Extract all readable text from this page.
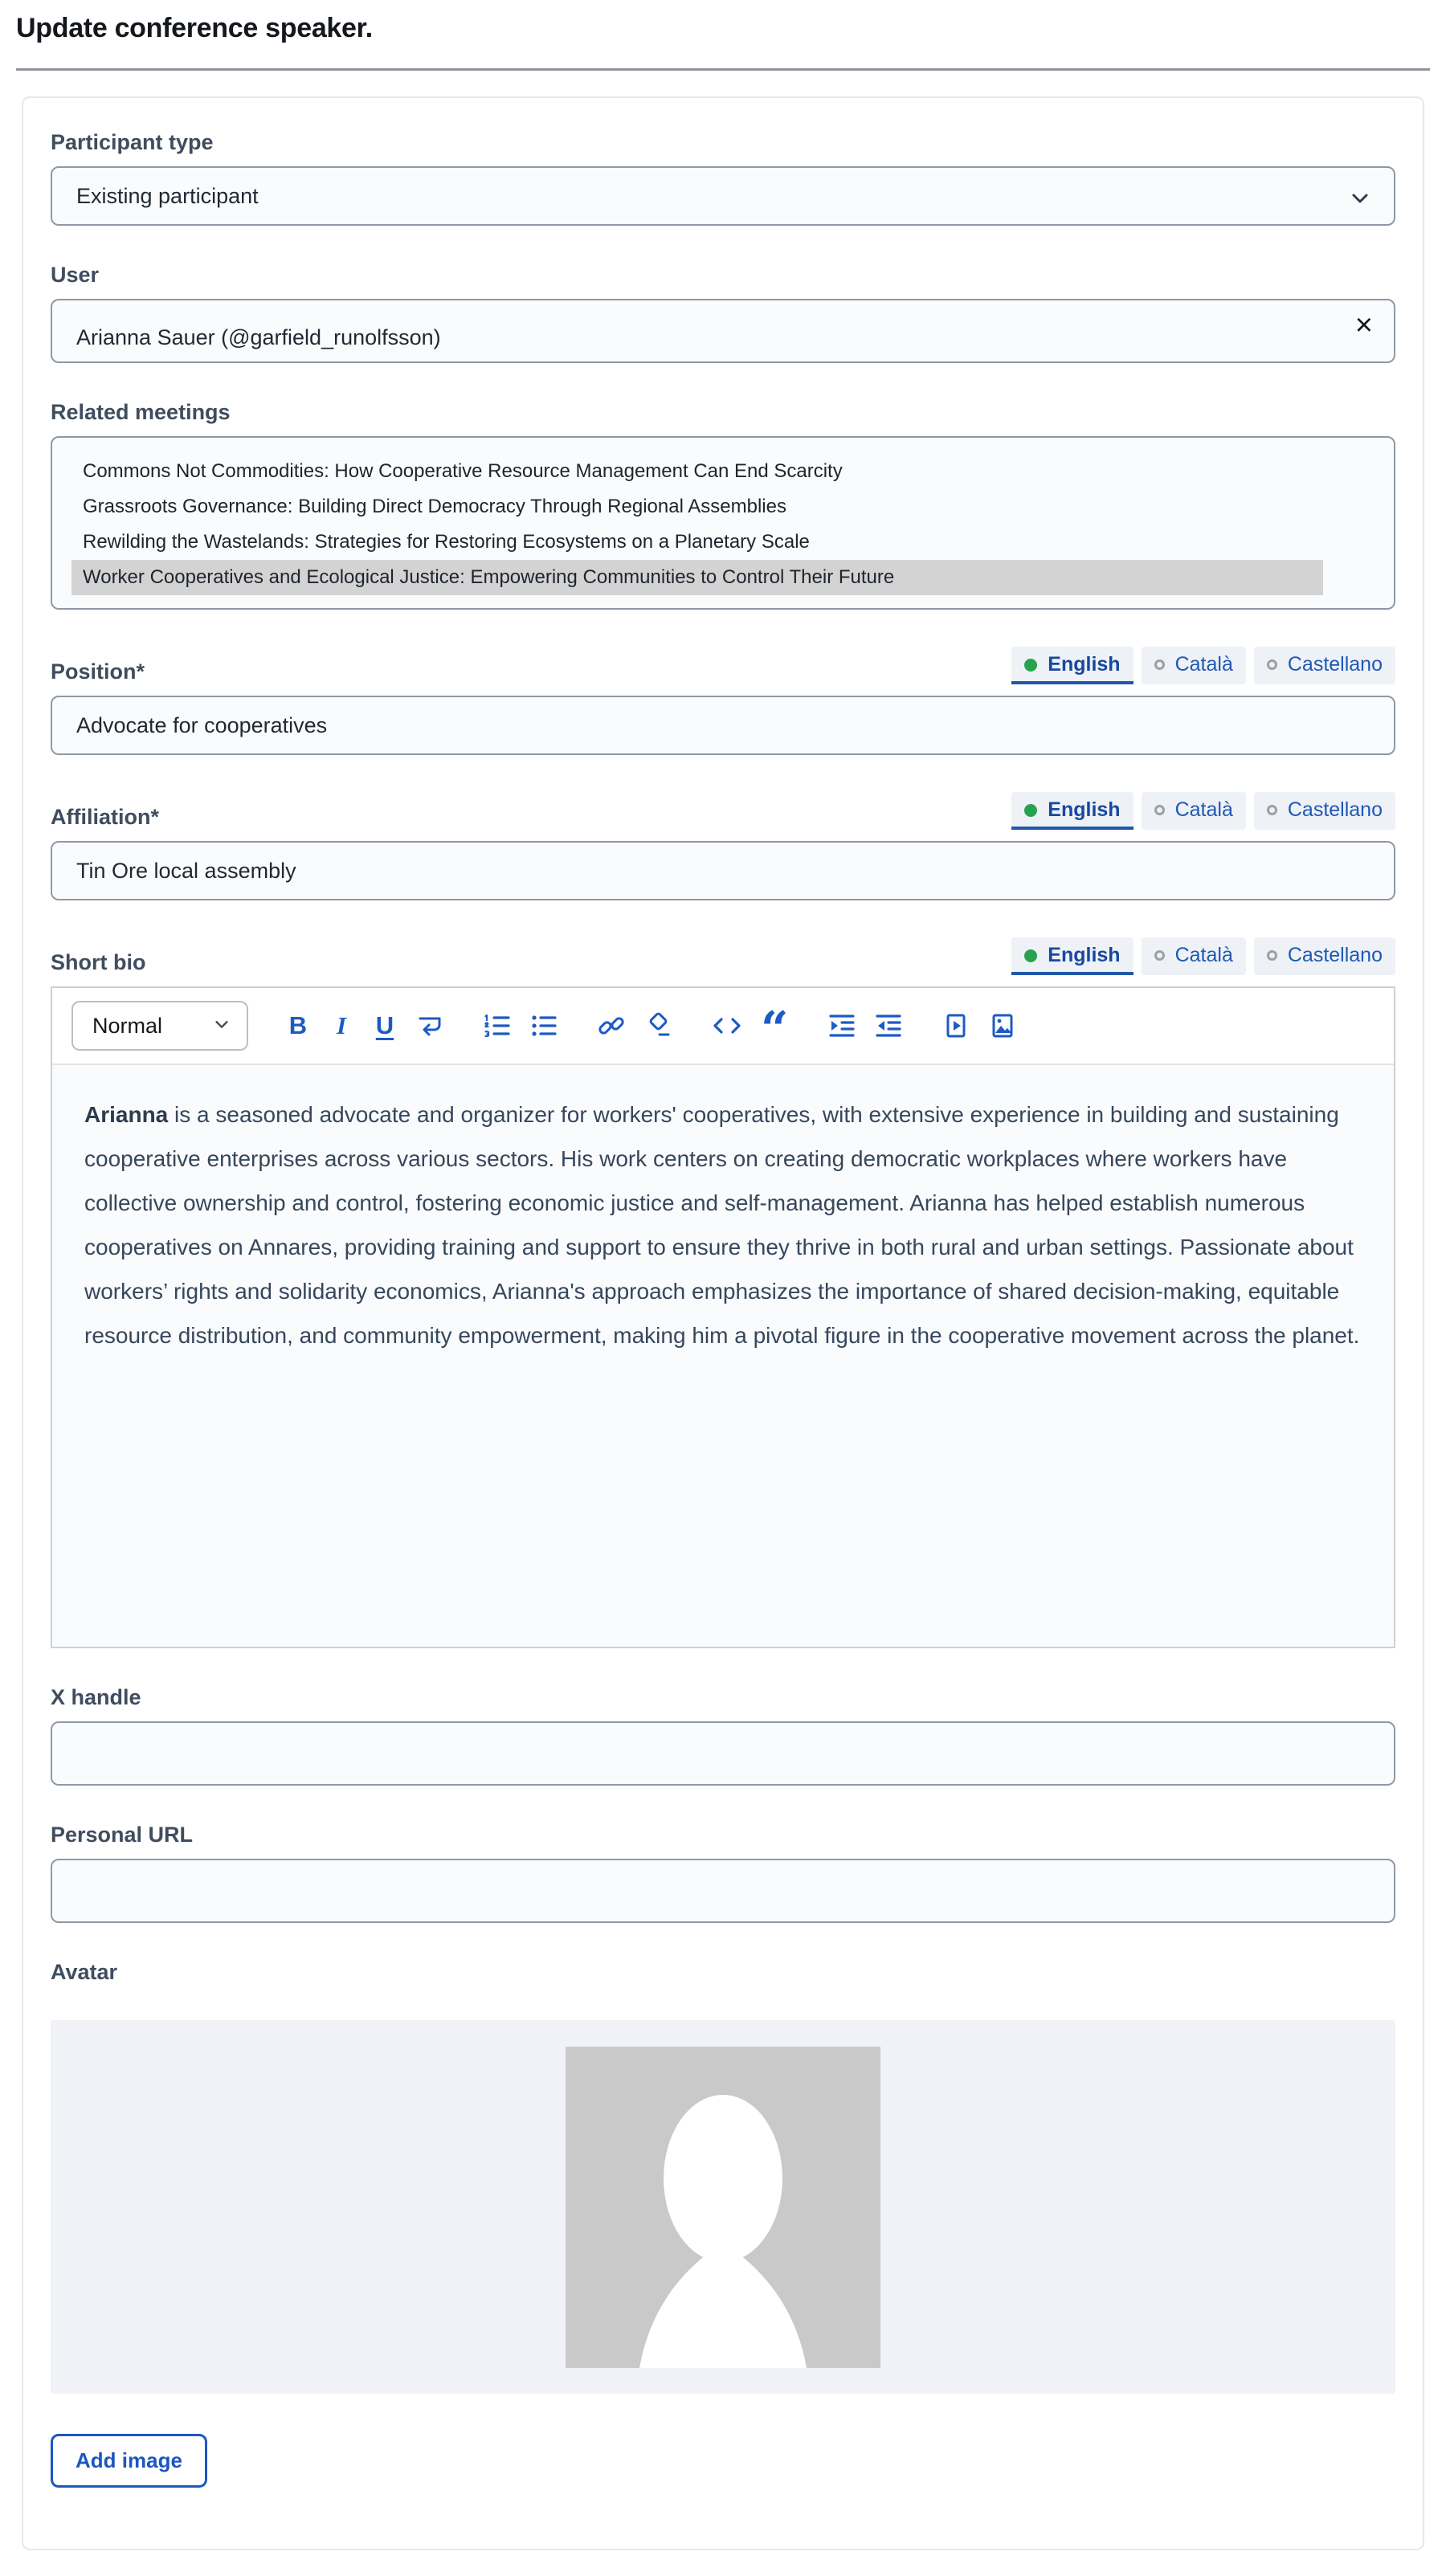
Update conference speaker.
Participant type
Existing participant
User
Arianna Sauer (@garfield_runolfsson)	×
Related meetings
Commons Not Commodities: How Cooperative Resource Management Can End Scarcity
Grassroots Governance: Building Direct Democracy Through Regional Assemblies
Rewilding the Wastelands: Strategies for Restoring Ecosystems on a Planetary Scale
Worker Cooperatives and Ecological Justice: Empowering Communities to Control Their Future
Position*	English	Català	Castellano
Advocate for cooperatives
Affiliation*	English	Català	Castellano
Tin Ore local assembly
Short bio	English	Català	Castellano
Normal	B I U	“
Arianna is a seasoned advocate and organizer for workers' cooperatives, with extensive experience in building and sustaining cooperative enterprises across various sectors. His work centers on creating democratic workplaces where workers have collective ownership and control, fostering economic justice and self-management. Arianna has helped establish numerous cooperatives on Annares, providing training and support to ensure they thrive in both rural and urban settings. Passionate about workers’ rights and solidarity economics, Arianna's approach emphasizes the importance of shared decision-making, equitable resource distribution, and community empowerment, making him a pivotal figure in the cooperative movement across the planet.
X handle
Personal URL
Avatar
Add image
